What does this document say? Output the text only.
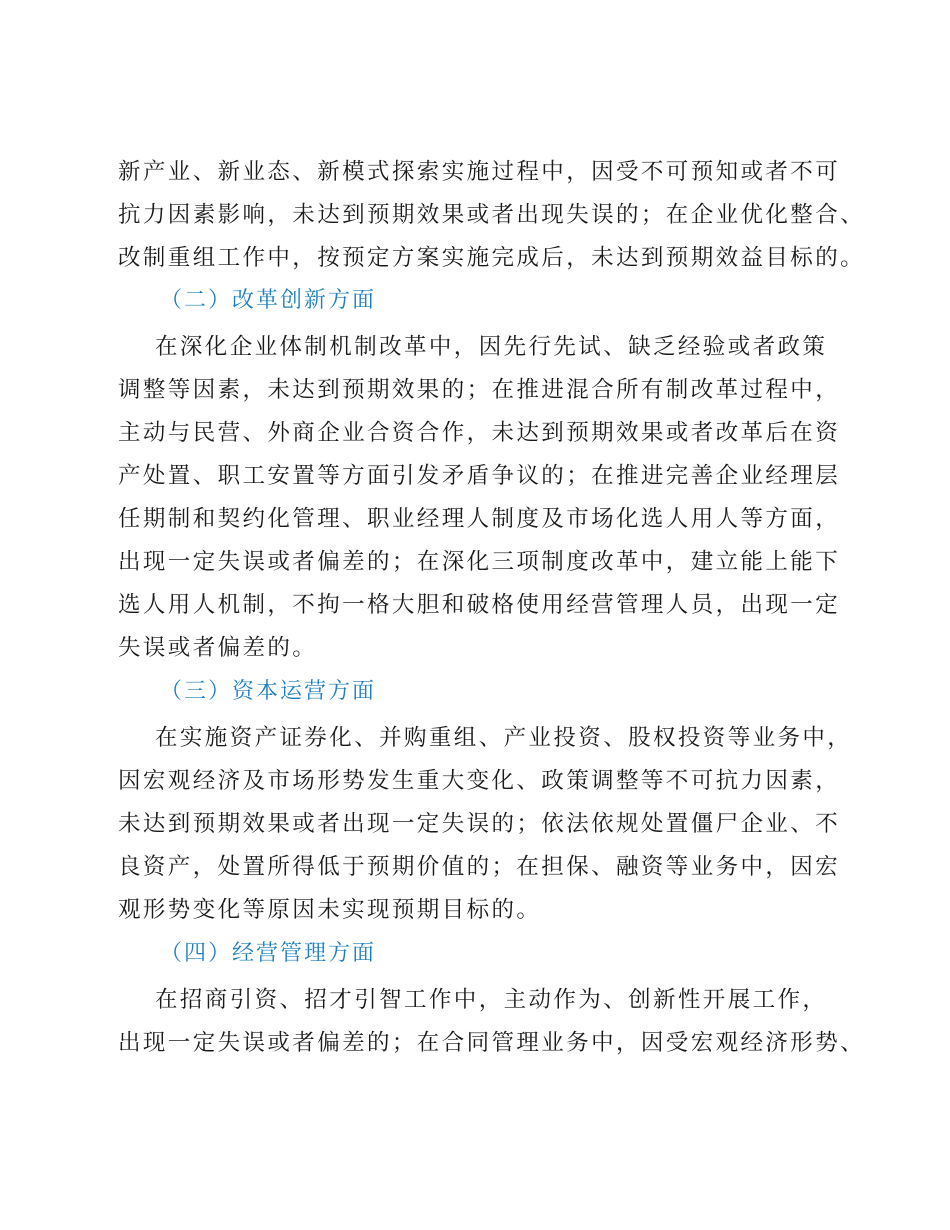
新产业、新业态、新模式探索实施过程中，因受不可预知或者不可
抗力因素影响，未达到预期效果或者出现失误的；在企业优化整合、
改制重组工作中，按预定方案实施完成后，未达到预期效益目标的。
（二）改革创新方面
在深化企业体制机制改革中，因先行先试、缺乏经验或者政策
调整等因素，未达到预期效果的；在推进混合所有制改革过程中，
主动与民营、外商企业合资合作，未达到预期效果或者改革后在资
产处置、职工安置等方面引发矛盾争议的；在推进完善企业经理层
任期制和契约化管理、职业经理人制度及市场化选人用人等方面，
出现一定失误或者偏差的；在深化三项制度改革中，建立能上能下
选人用人机制，不拘一格大胆和破格使用经营管理人员，出现一定
失误或者偏差的。
（三）资本运营方面
在实施资产证券化、并购重组、产业投资、股权投资等业务中，
因宏观经济及市场形势发生重大变化、政策调整等不可抗力因素，
未达到预期效果或者出现一定失误的；依法依规处置僵尸企业、不
良资产，处置所得低于预期价值的；在担保、融资等业务中，因宏
观形势变化等原因未实现预期目标的。
（四）经营管理方面
在招商引资、招才引智工作中，主动作为、创新性开展工作，
出现一定失误或者偏差的；在合同管理业务中，因受宏观经济形势、
